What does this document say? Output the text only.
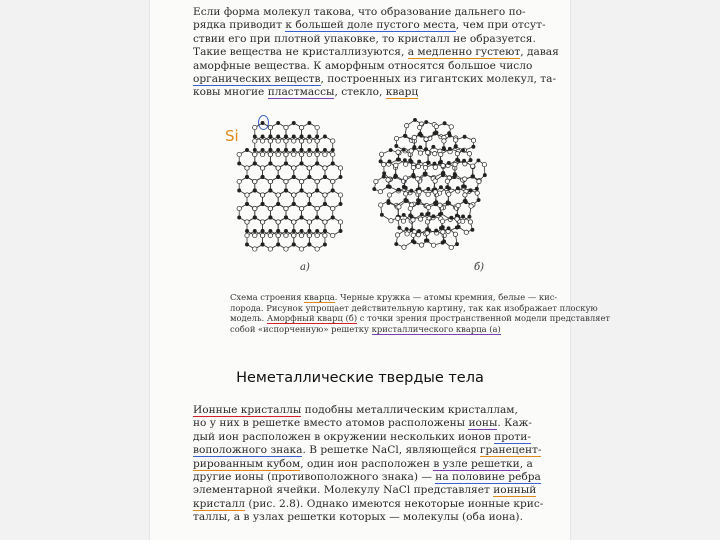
Если форма молекул такова, что образование дальнего по-
рядка приводит к большей доле пустого места, чем при отсут-
ствии его при плотной упаковке, то кристалл не образуется.
Такие вещества не кристаллизуются, а медленно густеют, давая
аморфные вещества. К аморфным относятся большое число
органических веществ, построенных из гигантских молекул, та-
ковы многие пластмассы, стекло, кварц

Si
а)	б)

Схема строения кварца. Черные кружка — атомы кремния, белые — кис-
лорода. Рисунок упрощает действительную картину, так как изображает плоскую
модель. Аморфный кварц (б) с точки зрения пространственной модели представляет
собой «испорченную» решетку кристаллического кварца (а)

Неметаллические твердые тела

Ионные кристаллы подобны металлическим кристаллам,
но у них в решетке вместо атомов расположены ионы. Каж-
дый ион расположен в окружении нескольких ионов проти-
воположного знака. В решетке NaCl, являющейся гранецент-
рированным кубом, один ион расположен в узле решетки, а
другие ионы (противоположного знака) — на половине ребра
элементарной ячейки. Молекулу NaCl представляет ионный
кристалл (рис. 2.8). Однако имеются некоторые ионные крис-
таллы, а в узлах решетки которых — молекулы (оба иона).
